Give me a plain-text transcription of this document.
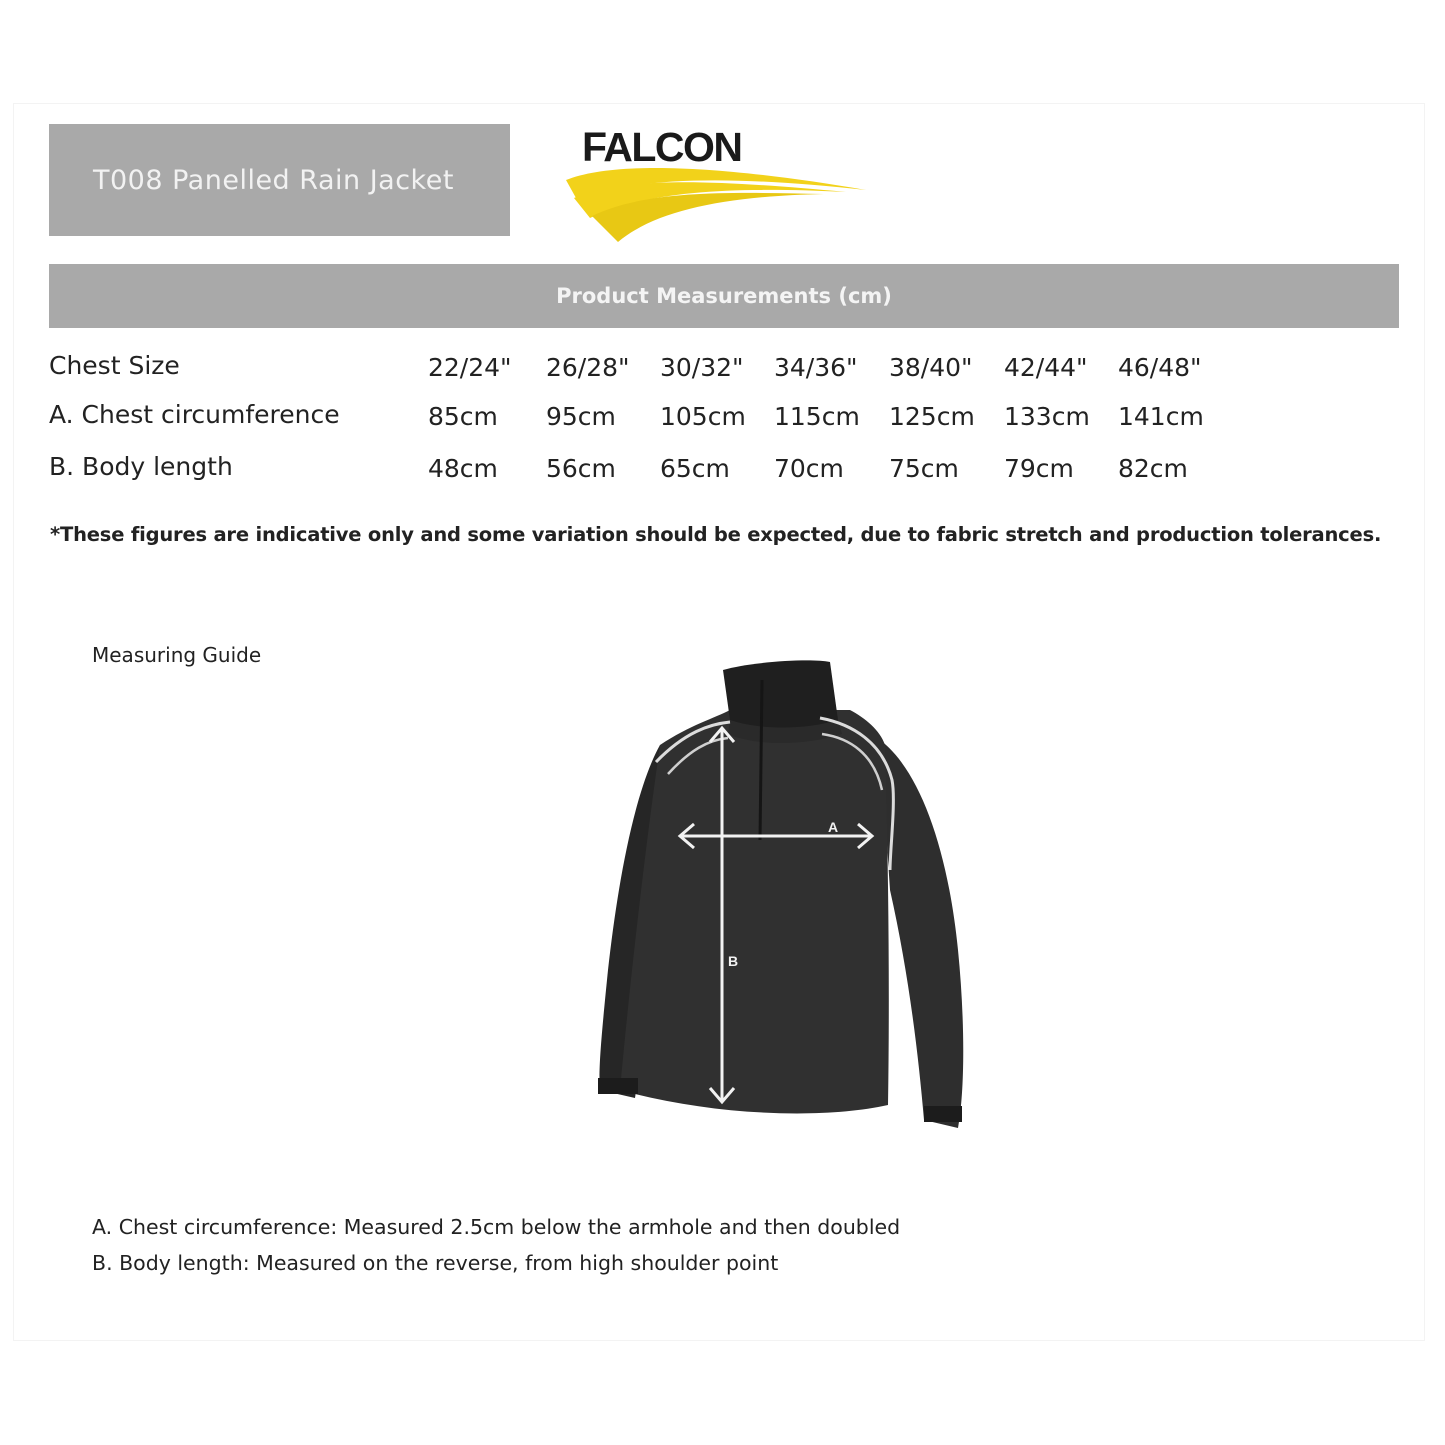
T008 Panelled Rain Jacket
FALCON
Product Measurements (cm)
Chest Size	22/24" 26/28" 30/32" 34/36" 38/40" 42/44" 46/48"
A. Chest circumference	85cm 95cm 105cm 115cm 125cm 133cm 141cm
B. Body length	48cm 56cm 65cm 70cm 75cm 79cm 82cm
*These figures are indicative only and some variation should be expected, due to fabric stretch and production tolerances.
Measuring Guide
A
B
A. Chest circumference: Measured 2.5cm below the armhole and then doubled
B. Body length: Measured on the reverse, from high shoulder point
